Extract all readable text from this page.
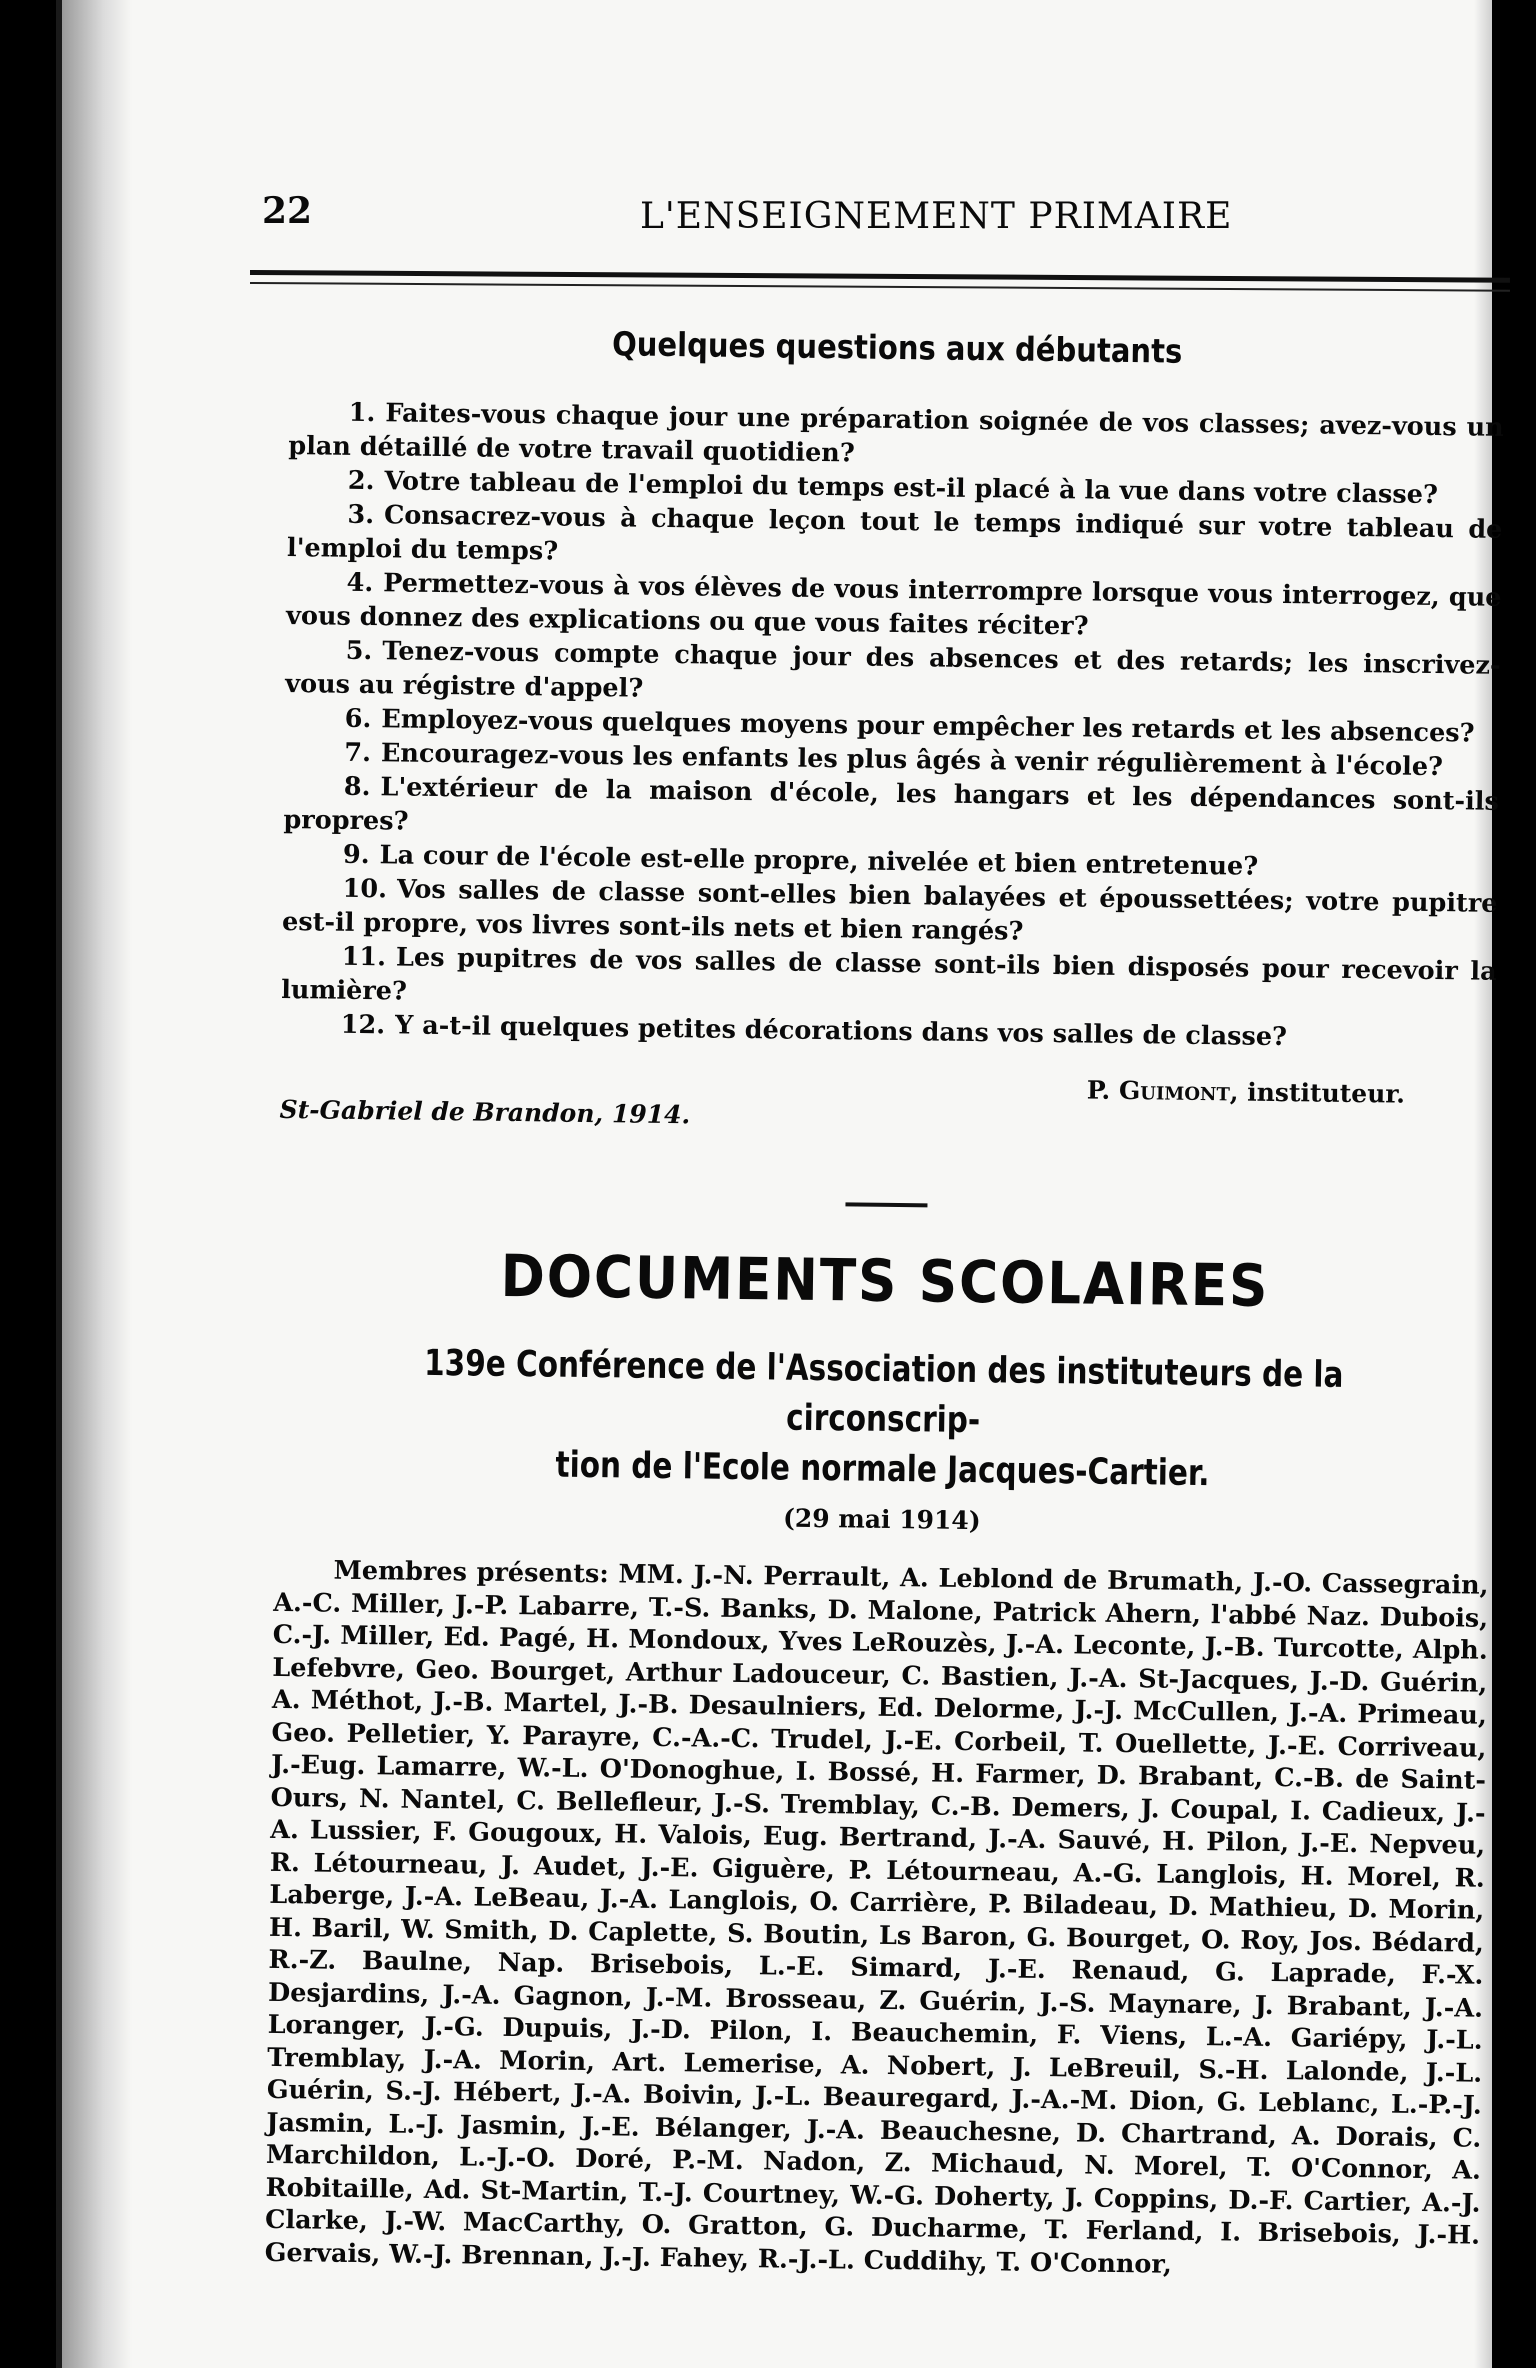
22	L'ENSEIGNEMENT PRIMAIRE
Quelques questions aux débutants

1. Faites-vous chaque jour une préparation soignée de vos classes; avez-vous un plan détaillé de votre travail quotidien?

2. Votre tableau de l'emploi du temps est-il placé à la vue dans votre classe?

3. Consacrez-vous à chaque leçon tout le temps indiqué sur votre tableau de l'emploi du temps?

4. Permettez-vous à vos élèves de vous interrompre lorsque vous interrogez, que vous donnez des explications ou que vous faites réciter?

5. Tenez-vous compte chaque jour des absences et des retards; les inscrivez-vous au régistre d'appel?

6. Employez-vous quelques moyens pour empêcher les retards et les absences?

7. Encouragez-vous les enfants les plus âgés à venir régulièrement à l'école?

8. L'extérieur de la maison d'école, les hangars et les dépendances sont-ils propres?

9. La cour de l'école est-elle propre, nivelée et bien entretenue?

10. Vos salles de classe sont-elles bien balayées et époussettées; votre pupitre est-il propre, vos livres sont-ils nets et bien rangés?

11. Les pupitres de vos salles de classe sont-ils bien disposés pour recevoir la lumière?

12. Y a-t-il quelques petites décorations dans vos salles de classe?

St-Gabriel de Brandon, 1914.
P. Guimont, instituteur.
DOCUMENTS SCOLAIRES
139e Conférence de l'Association des instituteurs de la circonscrip-
tion de l'Ecole normale Jacques-Cartier.
(29 mai 1914)

Membres présents: MM. J.-N. Perrault, A. Leblond de Brumath, J.-O. Cassegrain, A.-C. Miller, J.-P. Labarre, T.-S. Banks, D. Malone, Patrick Ahern, l'abbé Naz. Dubois, C.-J. Miller, Ed. Pagé, H. Mondoux, Yves LeRouzès, J.-A. Leconte, J.-B. Turcotte, Alph. Lefebvre, Geo. Bourget, Arthur Ladouceur, C. Bastien, J.-A. St-Jacques, J.-D. Guérin, A. Méthot, J.-B. Martel, J.-B. Desaulniers, Ed. Delorme, J.-J. McCullen, J.-A. Primeau, Geo. Pelletier, Y. Parayre, C.-A.-C. Trudel, J.-E. Corbeil, T. Ouellette, J.-E. Corriveau, J.-Eug. Lamarre, W.-L. O'Donoghue, I. Bossé, H. Farmer, D. Brabant, C.-B. de Saint-Ours, N. Nantel, C. Bellefleur, J.-S. Tremblay, C.-B. Demers, J. Coupal, I. Cadieux, J.-A. Lussier, F. Gougoux, H. Valois, Eug. Bertrand, J.-A. Sauvé, H. Pilon, J.-E. Nepveu, R. Létourneau, J. Audet, J.-E. Giguère, P. Létourneau, A.-G. Langlois, H. Morel, R. Laberge, J.-A. LeBeau, J.-A. Langlois, O. Carrière, P. Biladeau, D. Mathieu, D. Morin, H. Baril, W. Smith, D. Caplette, S. Boutin, Ls Baron, G. Bourget, O. Roy, Jos. Bédard, R.-Z. Baulne, Nap. Brisebois, L.-E. Simard, J.-E. Renaud, G. Laprade, F.-X. Desjardins, J.-A. Gagnon, J.-M. Brosseau, Z. Guérin, J.-S. Maynare, J. Brabant, J.-A. Loranger, J.-G. Dupuis, J.-D. Pilon, I. Beauchemin, F. Viens, L.-A. Gariépy, J.-L. Tremblay, J.-A. Morin, Art. Lemerise, A. Nobert, J. LeBreuil, S.-H. Lalonde, J.-L. Guérin, S.-J. Hébert, J.-A. Boivin, J.-L. Beauregard, J.-A.-M. Dion, G. Leblanc, L.-P.-J. Jasmin, L.-J. Jasmin, J.-E. Bélanger, J.-A. Beauchesne, D. Chartrand, A. Dorais, C. Marchildon, L.-J.-O. Doré, P.-M. Nadon, Z. Michaud, N. Morel, T. O'Connor, A. Robitaille, Ad. St-Martin, T.-J. Courtney, W.-G. Doherty, J. Coppins, D.-F. Cartier, A.-J. Clarke, J.-W. MacCarthy, O. Gratton, G. Ducharme, T. Ferland, I. Brisebois, J.-H. Gervais, W.-J. Brennan, J.-J. Fahey, R.-J.-L. Cuddihy, T. O'Connor,
